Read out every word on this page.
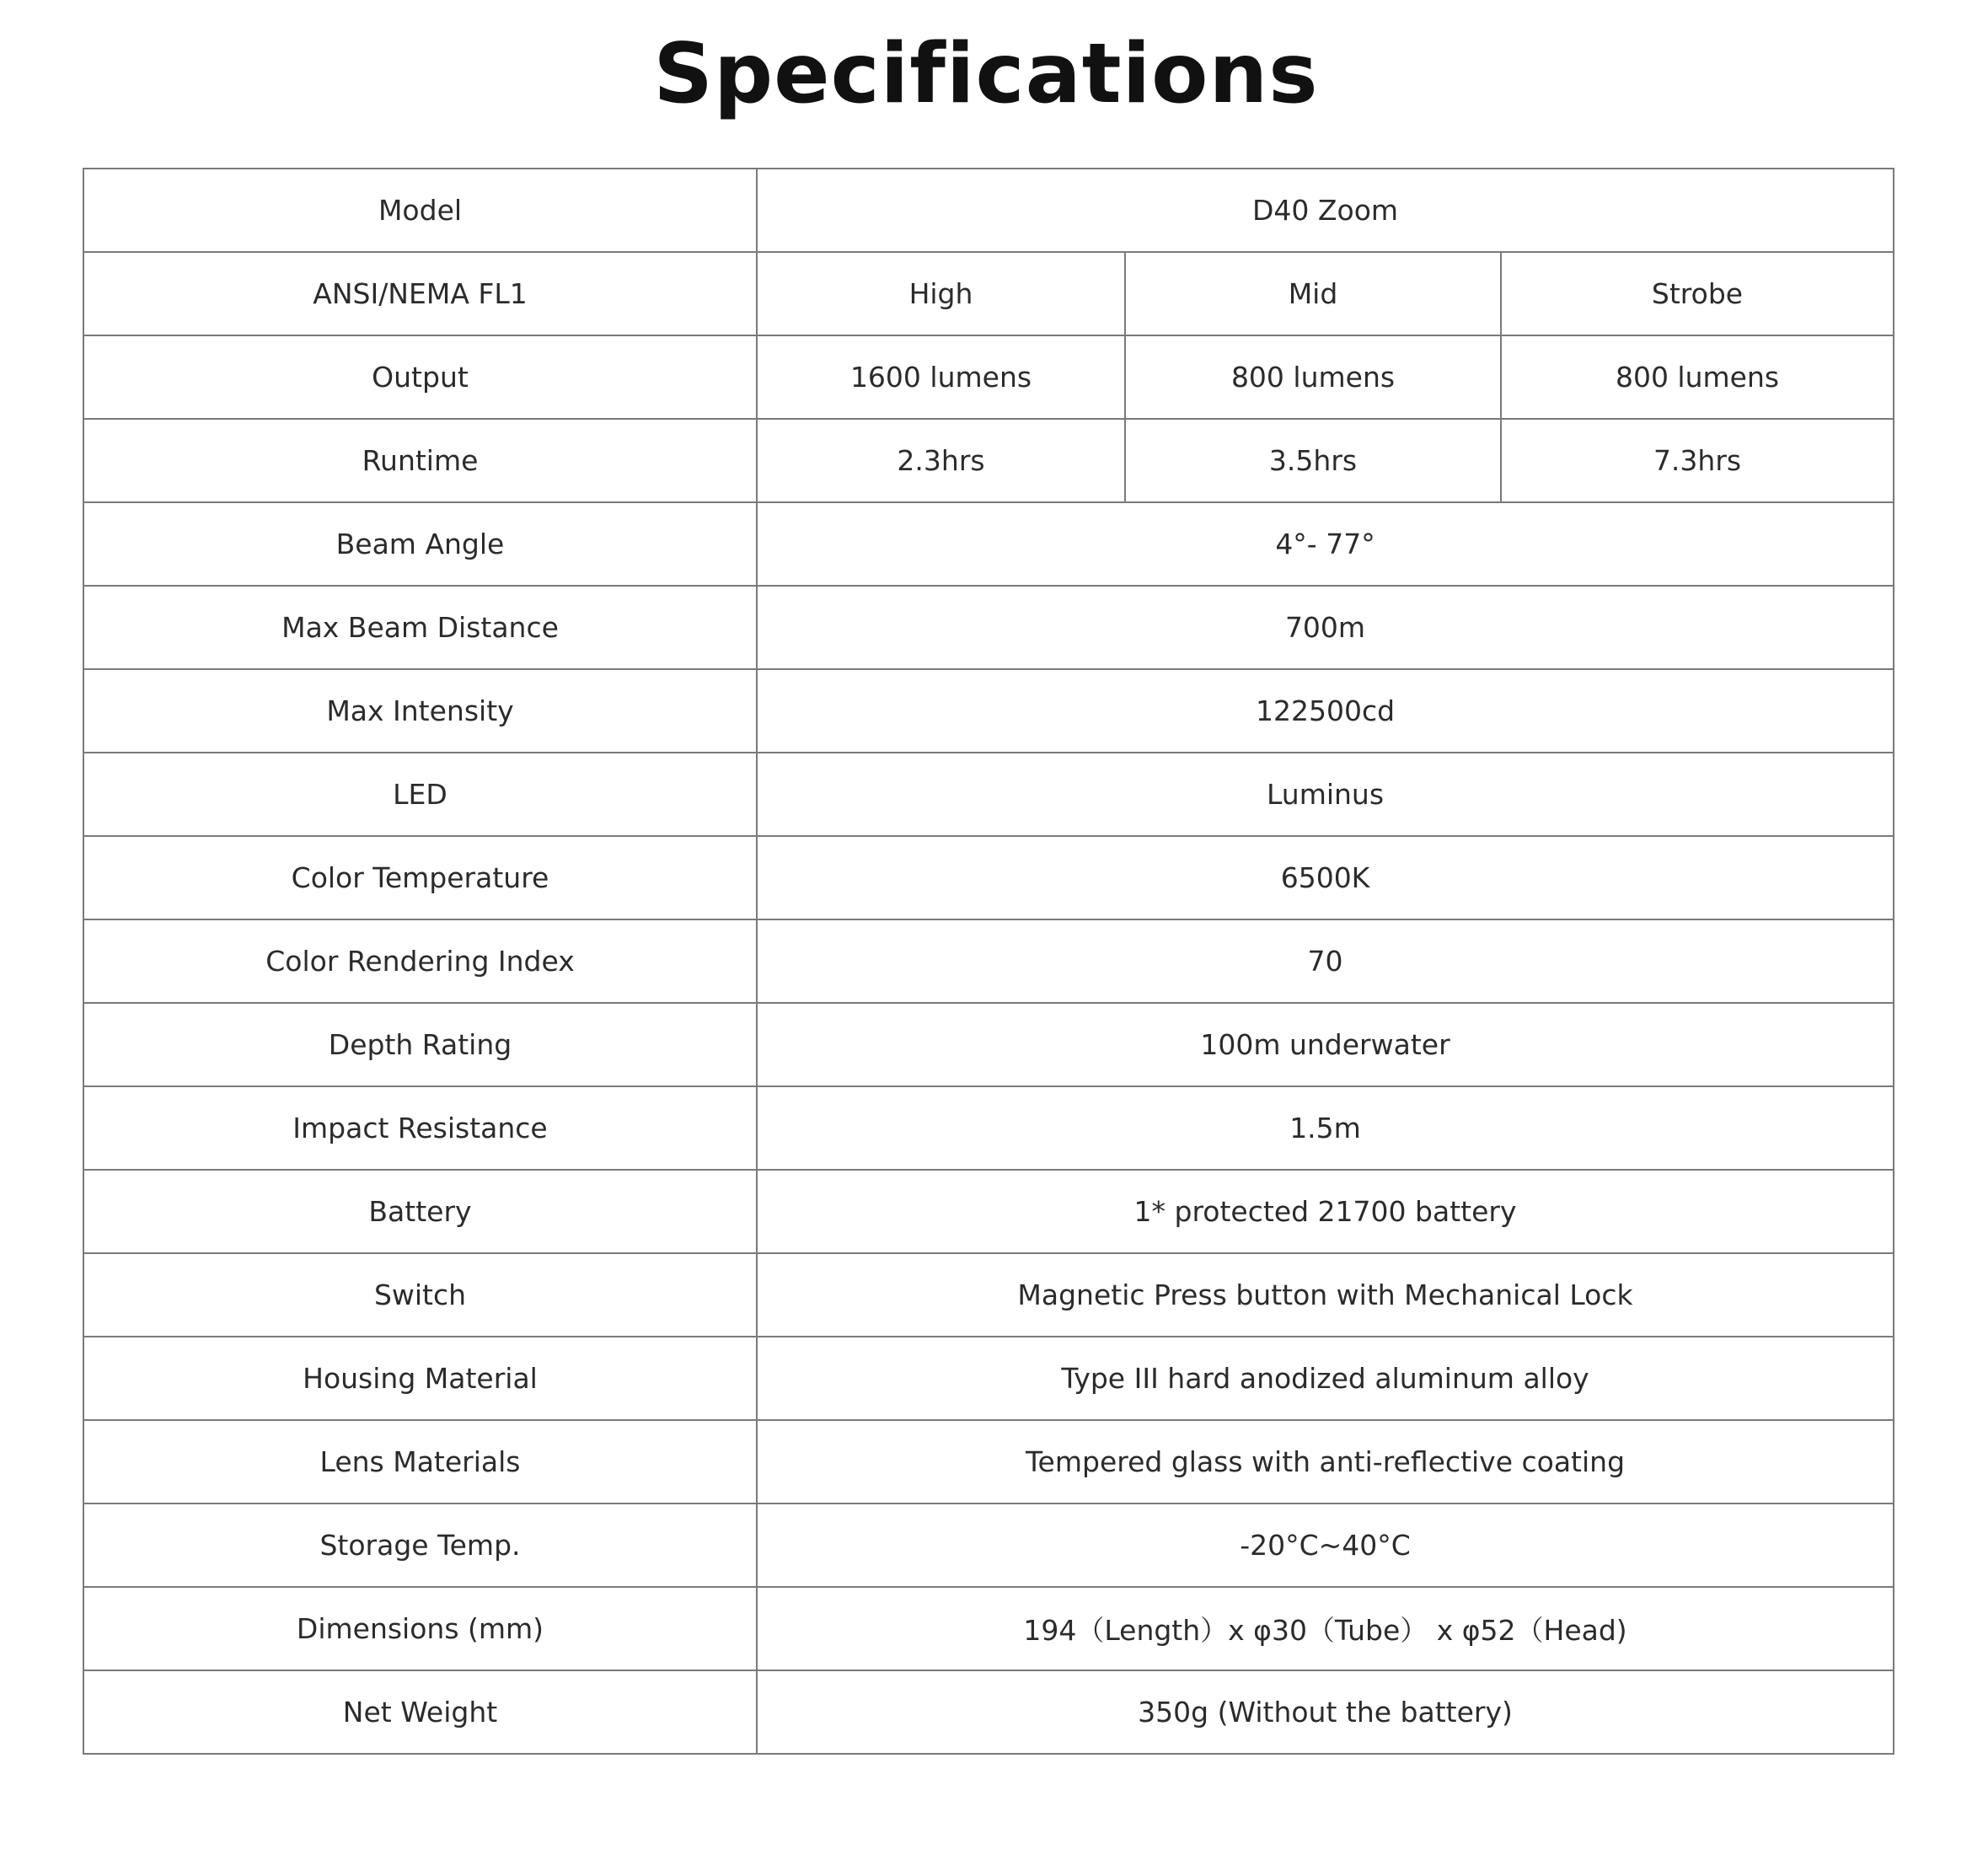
Specifications
Model	D40 Zoom		
ANSI/NEMA FL1	High	Mid	Strobe
Output	1600 lumens	800 lumens	800 lumens
Runtime	2.3hrs	3.5hrs	7.3hrs
Beam Angle	4°- 77°		
Max Beam Distance	700m		
Max Intensity	122500cd		
LED	Luminus		
Color Temperature	6500K		
Color Rendering Index	70		
Depth Rating	100m underwater		
Impact Resistance	1.5m		
Battery	1* protected 21700 battery		
Switch	Magnetic Press button with Mechanical Lock		
Housing Material	Type III hard anodized aluminum alloy		
Lens Materials	Tempered glass with anti-reflective coating		
Storage Temp.	-20°C~40°C		
Dimensions (mm)	194（Length）x φ30（Tube） x φ52（Head)		
Net Weight	350g (Without the battery)		
